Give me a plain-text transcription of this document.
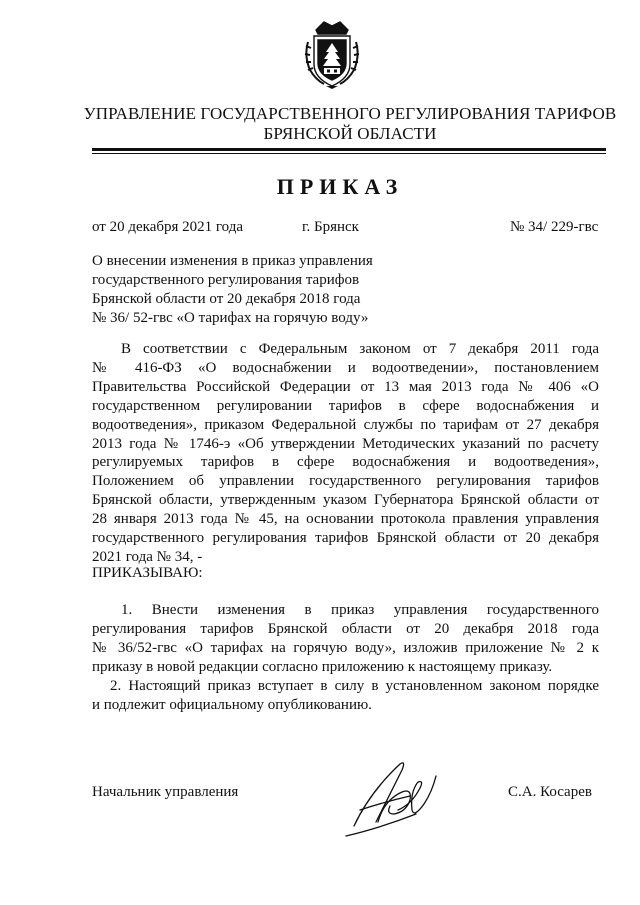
УПРАВЛЕНИЕ ГОСУДАРСТВЕННОГО РЕГУЛИРОВАНИЯ ТАРИФОВ
БРЯНСКОЙ ОБЛАСТИ
ПРИКАЗ
от 20 декабря 2021 года	г. Брянск	№ 34/ 229-гвс
О внесении изменения в приказ управления
государственного регулирования тарифов
Брянской области от 20 декабря 2018 года
№ 36/ 52-гвс «О тарифах на горячую воду»
В соответствии с Федеральным законом от 7 декабря 2011 года
№ 416-ФЗ «О водоснабжении и водоотведении», постановлением
Правительства Российской Федерации от 13 мая 2013 года № 406 «О
государственном регулировании тарифов в сфере водоснабжения и
водоотведения», приказом Федеральной службы по тарифам от 27 декабря
2013 года № 1746-э «Об утверждении Методических указаний по расчету
регулируемых тарифов в сфере водоснабжения и водоотведения»,
Положением об управлении государственного регулирования тарифов
Брянской области, утвержденным указом Губернатора Брянской области от
28 января 2013 года № 45, на основании протокола правления управления
государственного регулирования тарифов Брянской области от 20 декабря
2021 года № 34, -
ПРИКАЗЫВАЮ:
1. Внести изменения в приказ управления государственного
регулирования тарифов Брянской области от 20 декабря 2018 года
№ 36/52-гвс «О тарифах на горячую воду», изложив приложение № 2 к
приказу в новой редакции согласно приложению к настоящему приказу.
2. Настоящий приказ вступает в силу в установленном законом порядке
и подлежит официальному опубликованию.
Начальник управления	С.А. Косарев
